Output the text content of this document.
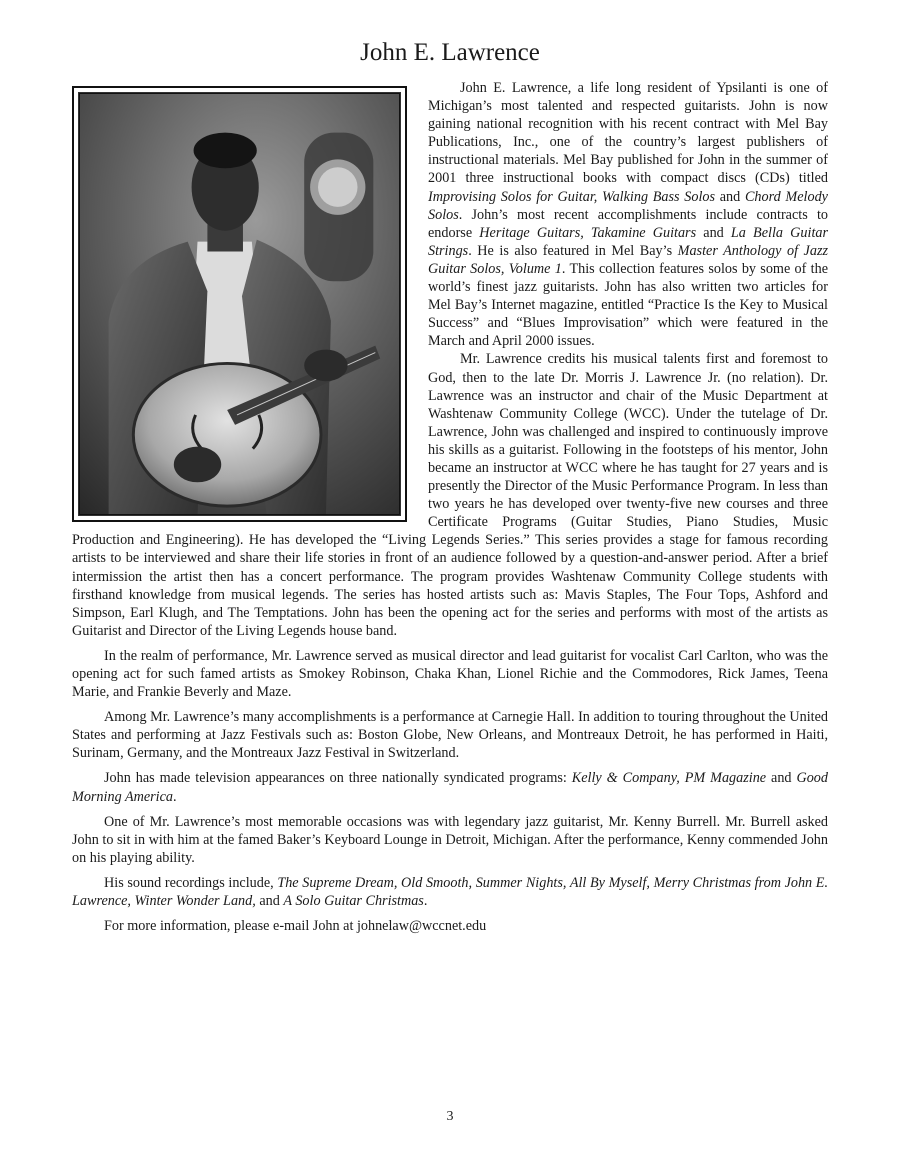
John E. Lawrence

John E. Lawrence, a life long resident of Ypsilanti is one of Michigan’s most talented and respected guitarists. John is now gaining national recognition with his recent contract with Mel Bay Publications, Inc., one of the country’s largest publishers of instructional materials. Mel Bay published for John in the summer of 2001 three instructional books with compact discs (CDs) titled Improvising Solos for Guitar, Walking Bass Solos and Chord Melody Solos. John’s most recent accomplishments include contracts to endorse Heritage Guitars, Takamine Guitars and La Bella Guitar Strings. He is also featured in Mel Bay’s Master Anthology of Jazz Guitar Solos, Volume 1. This collection features solos by some of the world’s finest jazz guitarists. John has also written two articles for Mel Bay’s Internet magazine, entitled “Practice Is the Key to Musical Success” and “Blues Improvisation” which were featured in the March and April 2000 issues.

Mr. Lawrence credits his musical talents first and foremost to God, then to the late Dr. Morris J. Lawrence Jr. (no relation). Dr. Lawrence was an instructor and chair of the Music Department at Washtenaw Community College (WCC). Under the tutelage of Dr. Lawrence, John was challenged and inspired to continuously improve his skills as a guitarist. Following in the footsteps of his mentor, John became an instructor at WCC where he has taught for 27 years and is presently the Director of the Music Performance Program. In less than two years he has developed over twenty-five new courses and three Certificate Programs (Guitar Studies, Piano Studies, Music Production and Engineering). He has developed the “Living Legends Series.” This series provides a stage for famous recording artists to be interviewed and share their life stories in front of an audience followed by a question-and-answer period. After a brief intermission the artist then has a concert performance. The program provides Washtenaw Community College students with firsthand knowledge from musical legends. The series has hosted artists such as: Mavis Staples, The Four Tops, Ashford and Simpson, Earl Klugh, and The Temptations. John has been the opening act for the series and performs with most of the artists as Guitarist and Director of the Living Legends house band.

In the realm of performance, Mr. Lawrence served as musical director and lead guitarist for vocalist Carl Carlton, who was the opening act for such famed artists as Smokey Robinson, Chaka Khan, Lionel Richie and the Commodores, Rick James, Teena Marie, and Frankie Beverly and Maze.

Among Mr. Lawrence’s many accomplishments is a performance at Carnegie Hall. In addition to touring throughout the United States and performing at Jazz Festivals such as: Boston Globe, New Orleans, and Montreaux Detroit, he has performed in Haiti, Surinam, Germany, and the Montreaux Jazz Festival in Switzerland.

John has made television appearances on three nationally syndicated programs: Kelly & Company, PM Magazine and Good Morning America.

One of Mr. Lawrence’s most memorable occasions was with legendary jazz guitarist, Mr. Kenny Burrell. Mr. Burrell asked John to sit in with him at the famed Baker’s Keyboard Lounge in Detroit, Michigan. After the performance, Kenny commended John on his playing ability.

His sound recordings include, The Supreme Dream, Old Smooth, Summer Nights, All By Myself, Merry Christmas from John E. Lawrence, Winter Wonder Land, and A Solo Guitar Christmas.

For more information, please e-mail John at johnelaw@wccnet.edu

3
